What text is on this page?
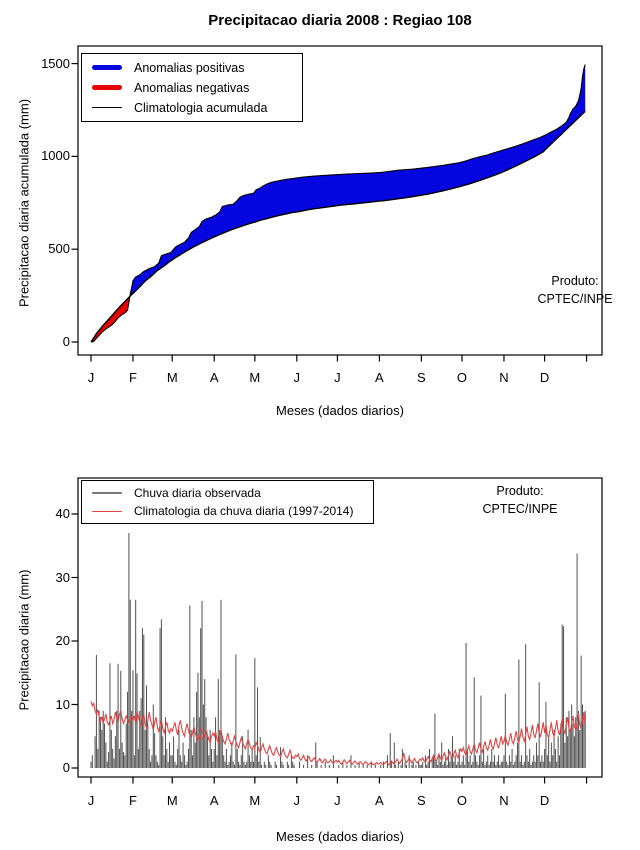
Precipitacao diaria 2008 : Regiao 108
Precipitacao diaria acumulada (mm)
0
500
1000
1500
J	F	M	A	M	J	J	A	S	O	N	D
Meses (dados diarios)
Anomalias positivas
Anomalias negativas
Climatologia acumulada
Produto:
CPTEC/INPE
Precipitacao diaria (mm)
0
10
20
30
40
J	F	M	A	M	J	J	A	S	O	N	D
Meses (dados diarios)
Chuva diaria observada
Climatologia da chuva diaria (1997-2014)
Produto:
CPTEC/INPE
